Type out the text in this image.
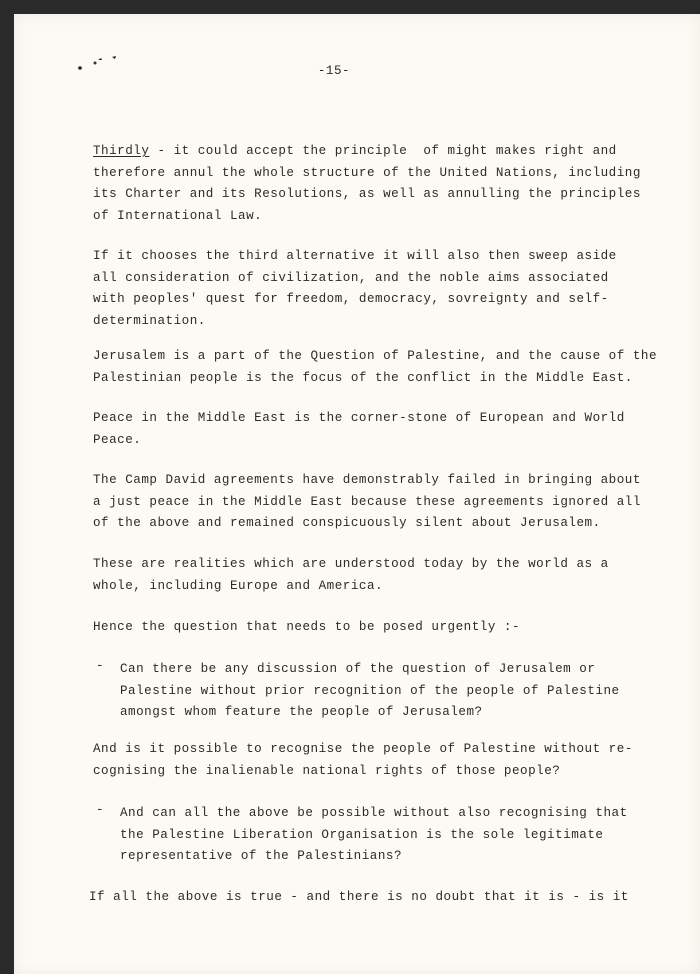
-15-

Thirdly - it could accept the principle  of might makes right and
therefore annul the whole structure of the United Nations, including
its Charter and its Resolutions, as well as annulling the principles
of International Law.

If it chooses the third alternative it will also then sweep aside
all consideration of civilization, and the noble aims associated
with peoples' quest for freedom, democracy, sovreignty and self-
determination.

Jerusalem is a part of the Question of Palestine, and the cause of the
Palestinian people is the focus of the conflict in the Middle East.

Peace in the Middle East is the corner-stone of European and World
Peace.

The Camp David agreements have demonstrably failed in bringing about
a just peace in the Middle East because these agreements ignored all
of the above and remained conspicuously silent about Jerusalem.

These are realities which are understood today by the world as a
whole, including Europe and America.

Hence the question that needs to be posed urgently :-

- Can there be any discussion of the question of Jerusalem or
Palestine without prior recognition of the people of Palestine
amongst whom feature the people of Jerusalem?

And is it possible to recognise the people of Palestine without re-
cognising the inalienable national rights of those people?

- And can all the above be possible without also recognising that
the Palestine Liberation Organisation is the sole legitimate
representative of the Palestinians?

If all the above is true - and there is no doubt that it is - is it
